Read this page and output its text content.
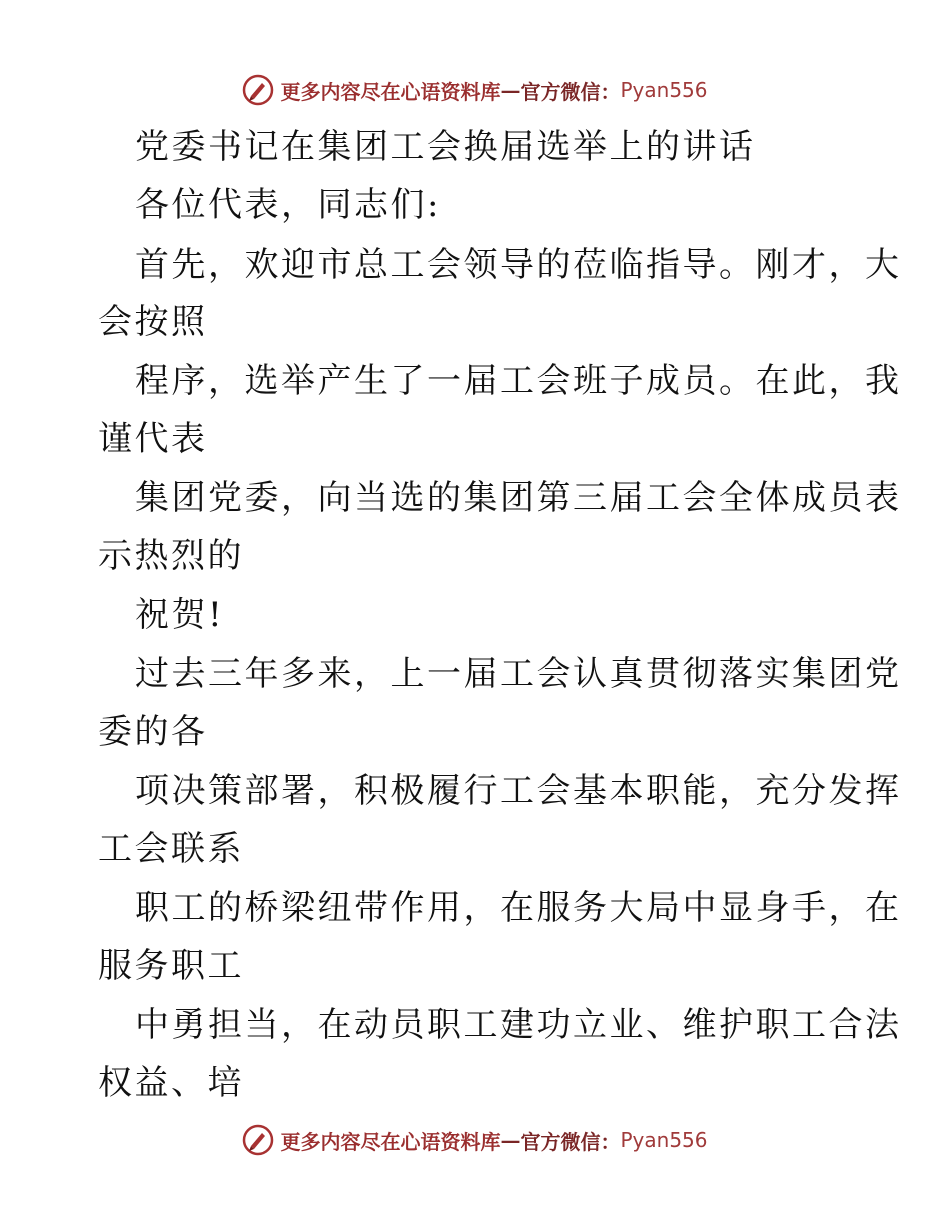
更多内容尽在心语资料库 — 官方微信： Pyan556
党委书记在集团工会换届选举上的讲话
各位代表，同志们:
首先，欢迎市总工会领导的莅临指导。刚才，大
会按照
程序，选举产生了一届工会班子成员。在此，我
谨代表
集团党委，向当选的集团第三届工会全体成员表
示热烈的
祝贺!
过去三年多来，上一届工会认真贯彻落实集团党
委的各
项决策部署，积极履行工会基本职能，充分发挥
工会联系
职工的桥梁纽带作用，在服务大局中显身手，在
服务职工
中勇担当，在动员职工建功立业、维护职工合法
权益、培
更多内容尽在心语资料库 — 官方微信： Pyan556
